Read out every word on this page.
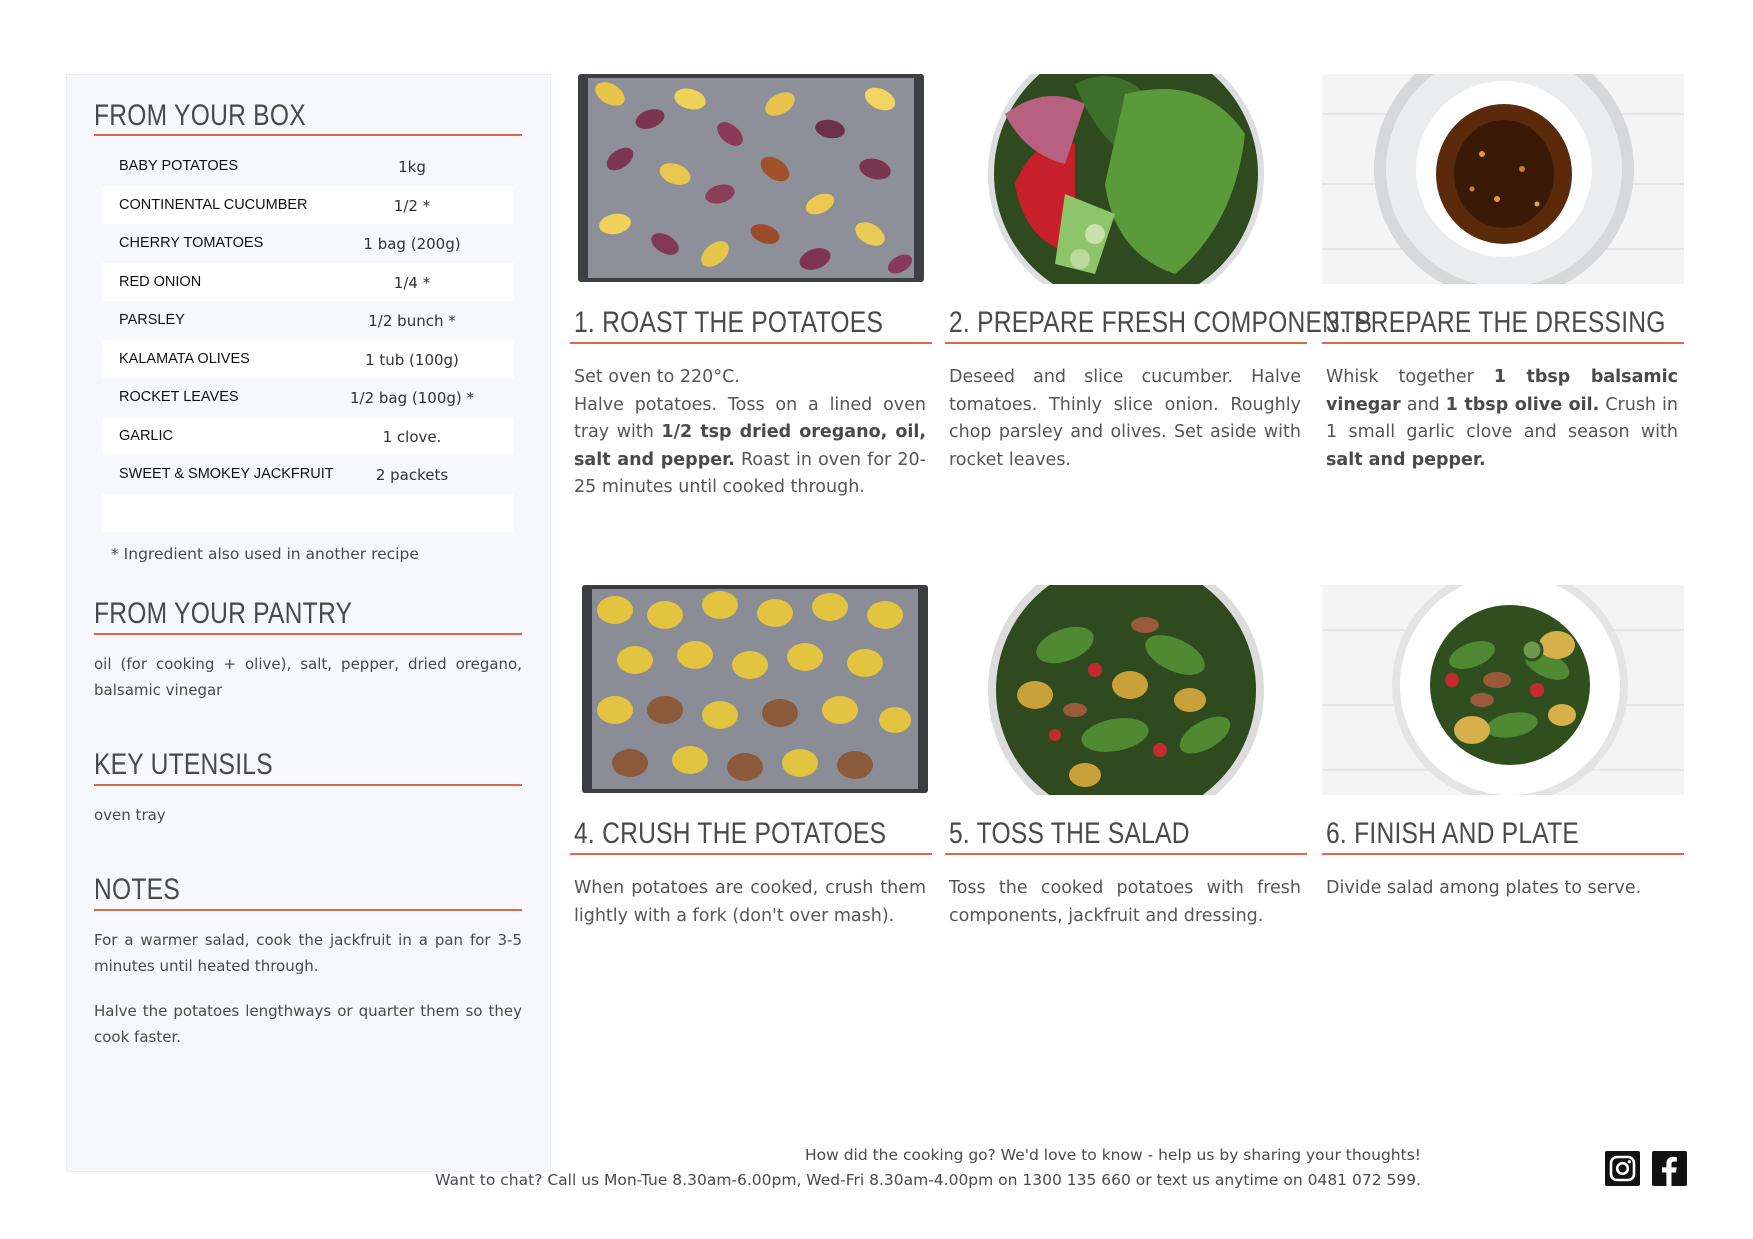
FROM YOUR BOX
BABY POTATOES	1kg
CONTINENTAL CUCUMBER	1/2 *
CHERRY TOMATOES	1 bag (200g)
RED ONION	1/4 *
PARSLEY	1/2 bunch *
KALAMATA OLIVES	1 tub (100g)
ROCKET LEAVES	1/2 bag (100g) *
GARLIC	1 clove.
SWEET & SMOKEY JACKFRUIT	2 packets
* Ingredient also used in another recipe
FROM YOUR PANTRY
oil (for cooking + olive), salt, pepper, dried oregano, balsamic vinegar
KEY UTENSILS
oven tray
NOTES
For a warmer salad, cook the jackfruit in a pan for 3-5 minutes until heated through.
Halve the potatoes lengthways or quarter them so they cook faster.
1. ROAST THE POTATOES
Set oven to 220°C.
Halve potatoes. Toss on a lined oven tray with 1/2 tsp dried oregano, oil, salt and pepper. Roast in oven for 20-25 minutes until cooked through.
2. PREPARE FRESH COMPONENTS
Deseed and slice cucumber. Halve tomatoes. Thinly slice onion. Roughly chop parsley and olives. Set aside with rocket leaves.
3. PREPARE THE DRESSING
Whisk together 1 tbsp balsamic vinegar and 1 tbsp olive oil. Crush in 1 small garlic clove and season with salt and pepper.
4. CRUSH THE POTATOES
When potatoes are cooked, crush them lightly with a fork (don't over mash).
5. TOSS THE SALAD
Toss the cooked potatoes with fresh components, jackfruit and dressing.
6. FINISH AND PLATE
Divide salad among plates to serve.
How did the cooking go? We'd love to know - help us by sharing your thoughts!
Want to chat? Call us Mon-Tue 8.30am-6.00pm, Wed-Fri 8.30am-4.00pm on 1300 135 660 or text us anytime on 0481 072 599.
